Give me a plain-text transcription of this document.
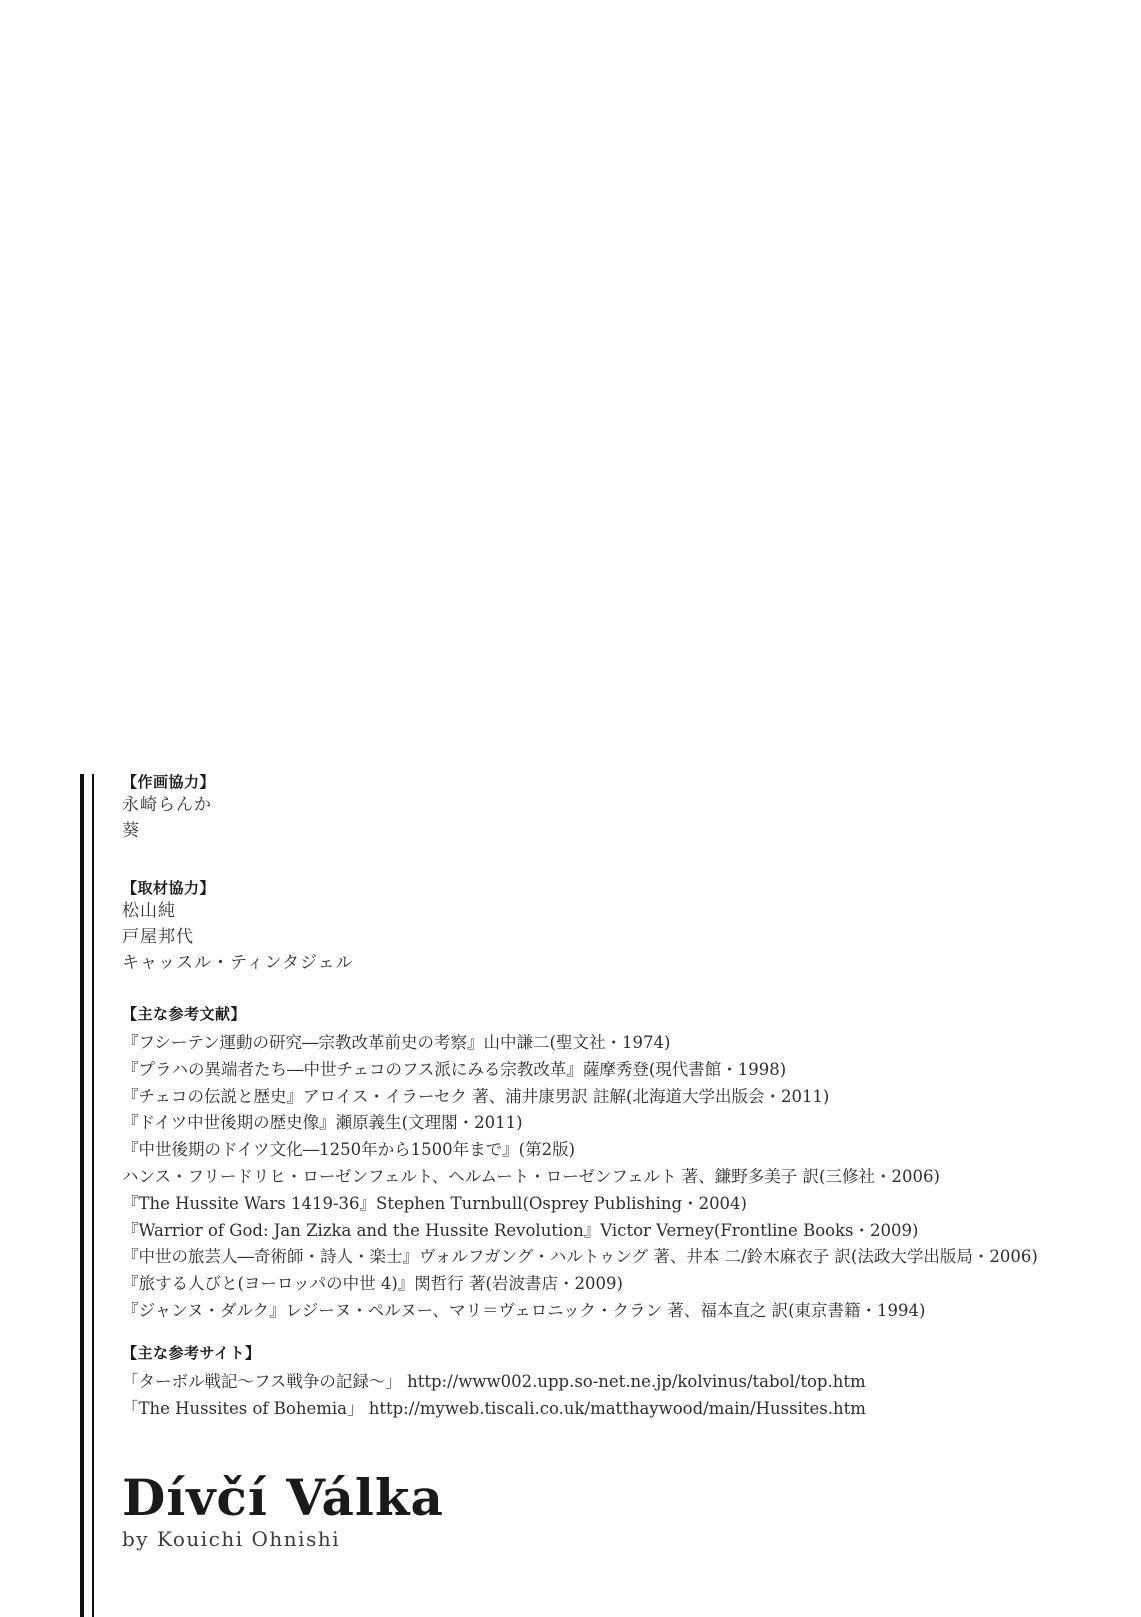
【作画協力】
永崎らんか
葵
【取材協力】
松山純
戸屋邦代
キャッスル・ティンタジェル
【主な参考文献】
『フシーテン運動の研究―宗教改革前史の考察』山中謙二(聖文社・1974)
『プラハの異端者たち―中世チェコのフス派にみる宗教改革』薩摩秀登(現代書館・1998)
『チェコの伝説と歴史』アロイス・イラーセク 著、浦井康男訳 註解(北海道大学出版会・2011)
『ドイツ中世後期の歴史像』瀬原義生(文理閣・2011)
『中世後期のドイツ文化―1250年から1500年まで』(第2版)
ハンス・フリードリヒ・ローゼンフェルト、ヘルムート・ローゼンフェルト 著、鎌野多美子 訳(三修社・2006)
『The Hussite Wars 1419-36』Stephen Turnbull(Osprey Publishing・2004)
『Warrior of God: Jan Zizka and the Hussite Revolution』Victor Verney(Frontline Books・2009)
『中世の旅芸人―奇術師・詩人・楽士』ヴォルフガング・ハルトゥング 著、井本 二/鈴木麻衣子 訳(法政大学出版局・2006)
『旅する人びと(ヨーロッパの中世 4)』関哲行 著(岩波書店・2009)
『ジャンヌ・ダルク』レジーヌ・ペルヌー、マリ＝ヴェロニック・クラン 著、福本直之 訳(東京書籍・1994)
【主な参考サイト】
「ターボル戦記～フス戦争の記録～」 http://www002.upp.so-net.ne.jp/kolvinus/tabol/top.htm
「The Hussites of Bohemia」 http://myweb.tiscali.co.uk/matthaywood/main/Hussites.htm
Dívčí Válka
by Kouichi Ohnishi
